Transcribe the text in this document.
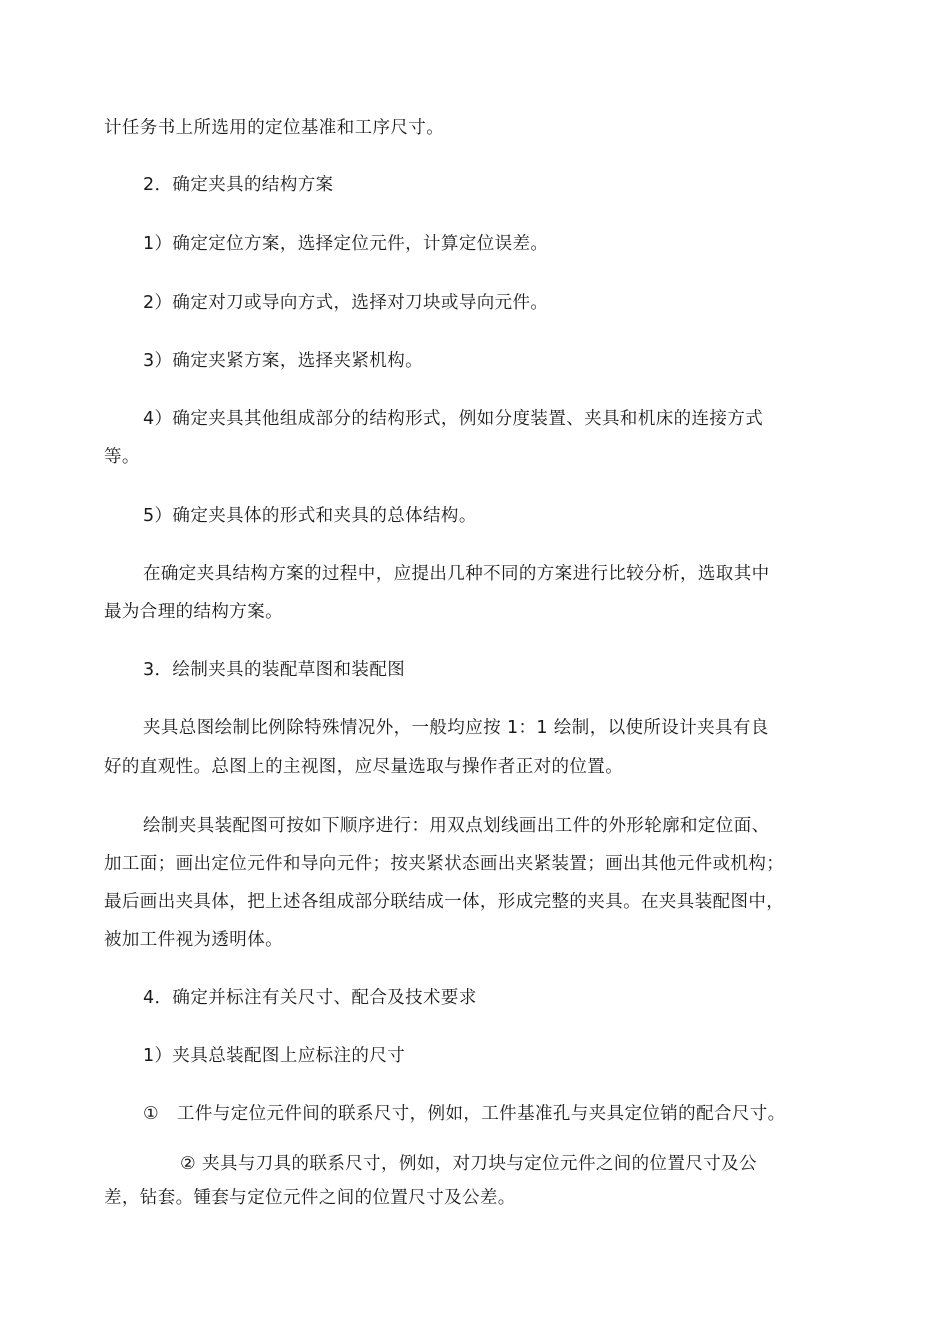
计任务书上所选用的定位基准和工序尺寸。
2．确定夹具的结构方案
1）确定定位方案，选择定位元件，计算定位误差。
2）确定对刀或导向方式，选择对刀块或导向元件。
3）确定夹紧方案，选择夹紧机构。
4）确定夹具其他组成部分的结构形式，例如分度装置、夹具和机床的连接方式
等。
5）确定夹具体的形式和夹具的总体结构。
在确定夹具结构方案的过程中，应提出几种不同的方案进行比较分析，选取其中
最为合理的结构方案。
3．绘制夹具的装配草图和装配图
夹具总图绘制比例除特殊情况外，一般均应按 1：1 绘制，以使所设计夹具有良
好的直观性。总图上的主视图，应尽量选取与操作者正对的位置。
绘制夹具装配图可按如下顺序进行：用双点划线画出工件的外形轮廓和定位面、
加工面；画出定位元件和导向元件；按夹紧状态画出夹紧装置；画出其他元件或机构；
最后画出夹具体，把上述各组成部分联结成一体，形成完整的夹具。在夹具装配图中，
被加工件视为透明体。
4．确定并标注有关尺寸、配合及技术要求
1）夹具总装配图上应标注的尺寸
①　工件与定位元件间的联系尺寸，例如，工件基准孔与夹具定位销的配合尺寸。
② 夹具与刀具的联系尺寸，例如，对刀块与定位元件之间的位置尺寸及公
差，钻套。锺套与定位元件之间的位置尺寸及公差。
